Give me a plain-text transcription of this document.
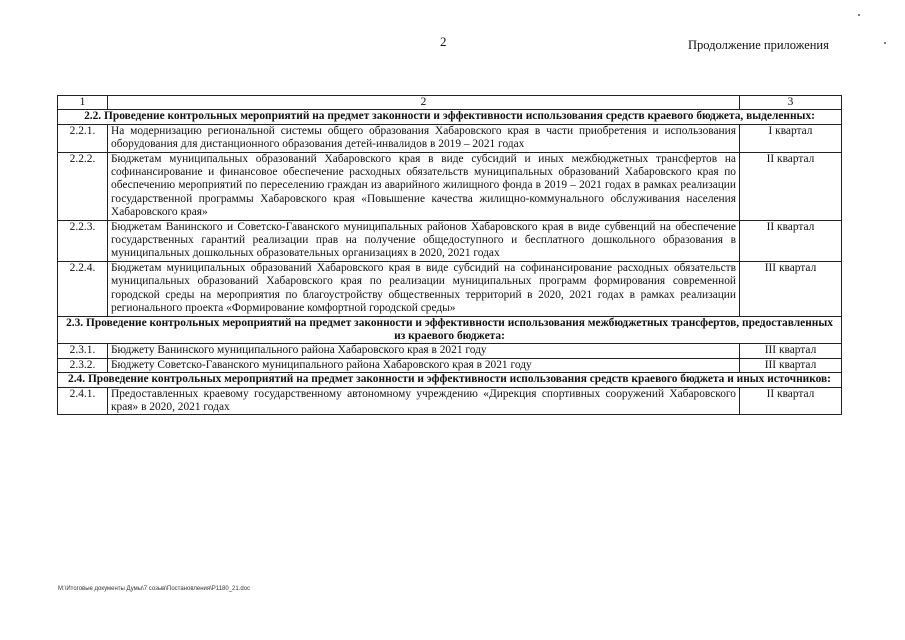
2	Продолжение приложения
1	2	3
2.2. Проведение контрольных мероприятий на предмет законности и эффективности использования средств краевого бюджета, выделенных:		
2.2.1.	На модернизацию региональной системы общего образования Хабаровского края в части приобретения и использования оборудования для дистанционного образования детей-инвалидов в 2019 – 2021 годах	I квартал
2.2.2.	Бюджетам муниципальных образований Хабаровского края в виде субсидий и иных межбюджетных трансфертов на софинансирование и финансовое обеспечение расходных обязательств муниципальных образований Хабаровского края по обеспечению мероприятий по переселению граждан из аварийного жилищного фонда в 2019 – 2021 годах в рамках реализации государственной программы Хабаровского края «Повышение качества жилищно-коммунального обслуживания населения Хабаровского края»	II квартал
2.2.3.	Бюджетам Ванинского и Советско-Гаванского муниципальных районов Хабаровского края в виде субвенций на обеспечение государственных гарантий реализации прав на получение общедоступного и бесплатного дошкольного образования в муниципальных дошкольных образовательных организациях в 2020, 2021 годах	II квартал
2.2.4.	Бюджетам муниципальных образований Хабаровского края в виде субсидий на софинансирование расходных обязательств муниципальных образований Хабаровского края по реализации муниципальных программ формирования современной городской среды на мероприятия по благоустройству общественных территорий в 2020, 2021 годах в рамках реализации регионального проекта «Формирование комфортной городской среды»	III квартал
2.3. Проведение контрольных мероприятий на предмет законности и эффективности использования межбюджетных трансфертов, предоставленных из краевого бюджета:		
2.3.1.	Бюджету Ванинского муниципального района Хабаровского края в 2021 году	III квартал
2.3.2.	Бюджету Советско-Гаванского муниципального района Хабаровского края в 2021 году	III квартал
2.4. Проведение контрольных мероприятий на предмет законности и эффективности использования средств краевого бюджета и иных источников:		
2.4.1.	Предоставленных краевому государственному автономному учреждению «Дирекция спортивных сооружений Хабаровского края» в 2020, 2021 годах	II квартал
M:\Итоговые документы Думы\7 созыв\Постановления\P1180_21.doc
